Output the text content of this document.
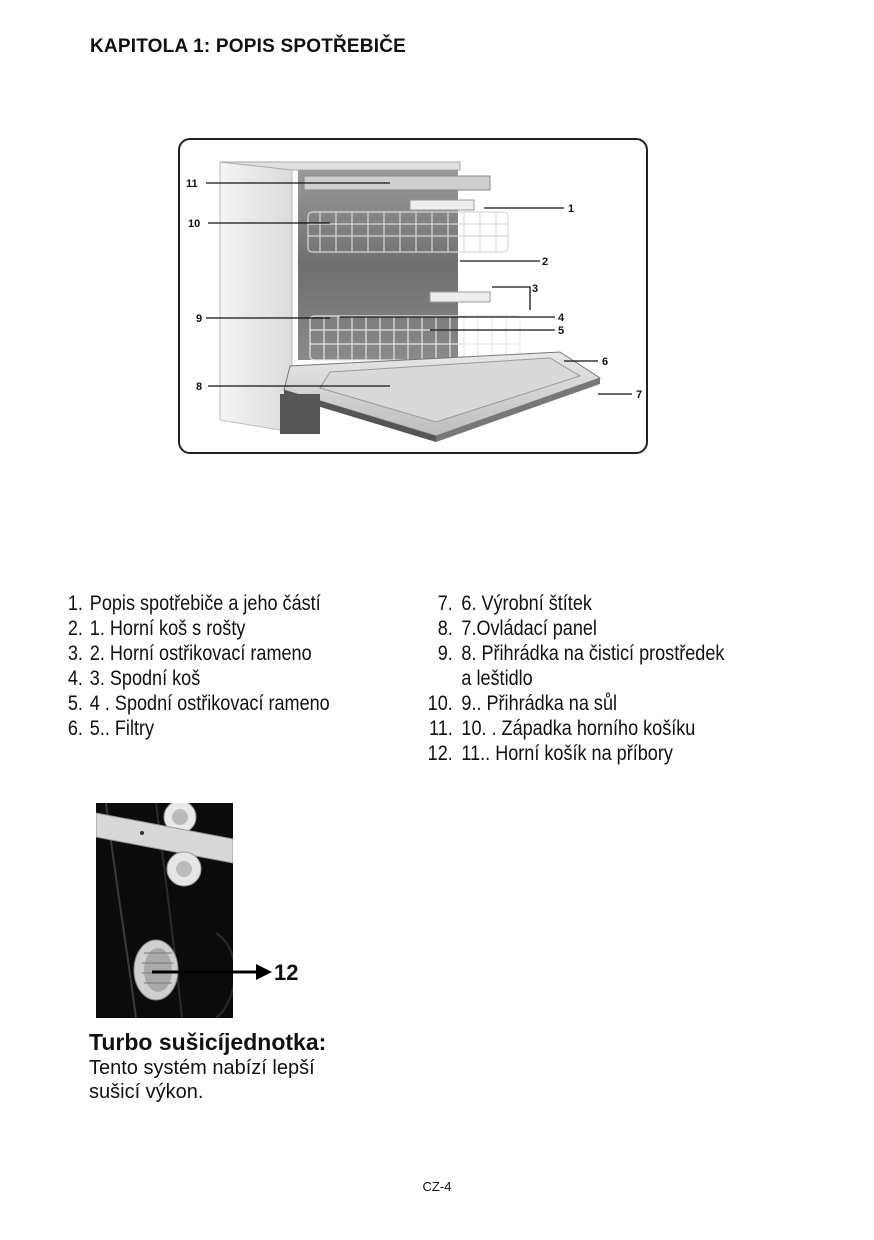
KAPITOLA 1: POPIS SPOTŘEBIČE
11
10
1
2
3
9	4
5
6
8
7
1. Popis spotřebiče a jeho částí
2. 1. Horní koš s rošty
3. 2. Horní ostřikovací rameno
4. 3. Spodní koš
5. 4 . Spodní ostřikovací rameno
6. 5.. Filtry
7. 6. Výrobní štítek
8. 7.Ovládací panel
9. 8. Přihrádka na čisticí prostředek
a leštidlo
10. 9.. Přihrádka na sůl
11. 10. . Západka horního košíku
12. 11.. Horní košík na příbory
12
Turbo sušicíjednotka:
Tento systém nabízí lepší sušicí výkon.
CZ-4
